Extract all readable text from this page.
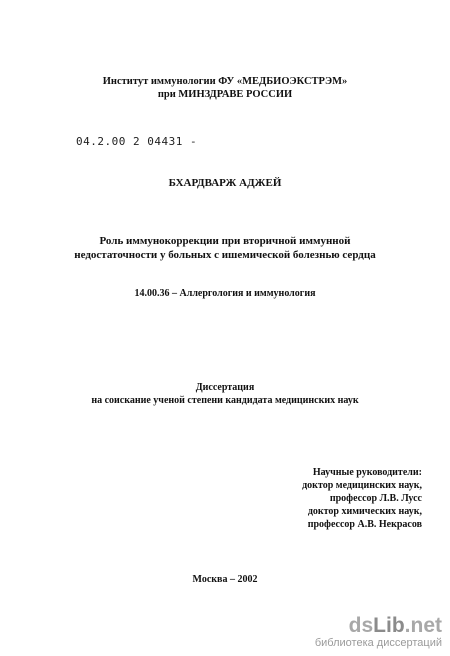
Институт иммунологии ФУ «МЕДБИОЭКСТРЭМ»
при МИНЗДРАВЕ РОССИИ
04.2.00 2 04431 -
БХАРДВАРЖ АДЖЕЙ
Роль иммунокоррекции при вторичной иммунной
недостаточности у больных с ишемической болезнью сердца
14.00.36 – Аллергология и иммунология
Диссертация
на соискание ученой степени кандидата медицинских наук
Научные руководители:
доктор медицинских наук,
профессор Л.В. Лусс
доктор химических наук,
профессор А.В. Некрасов
Москва – 2002
dsLib.net
библиотека диссертаций
